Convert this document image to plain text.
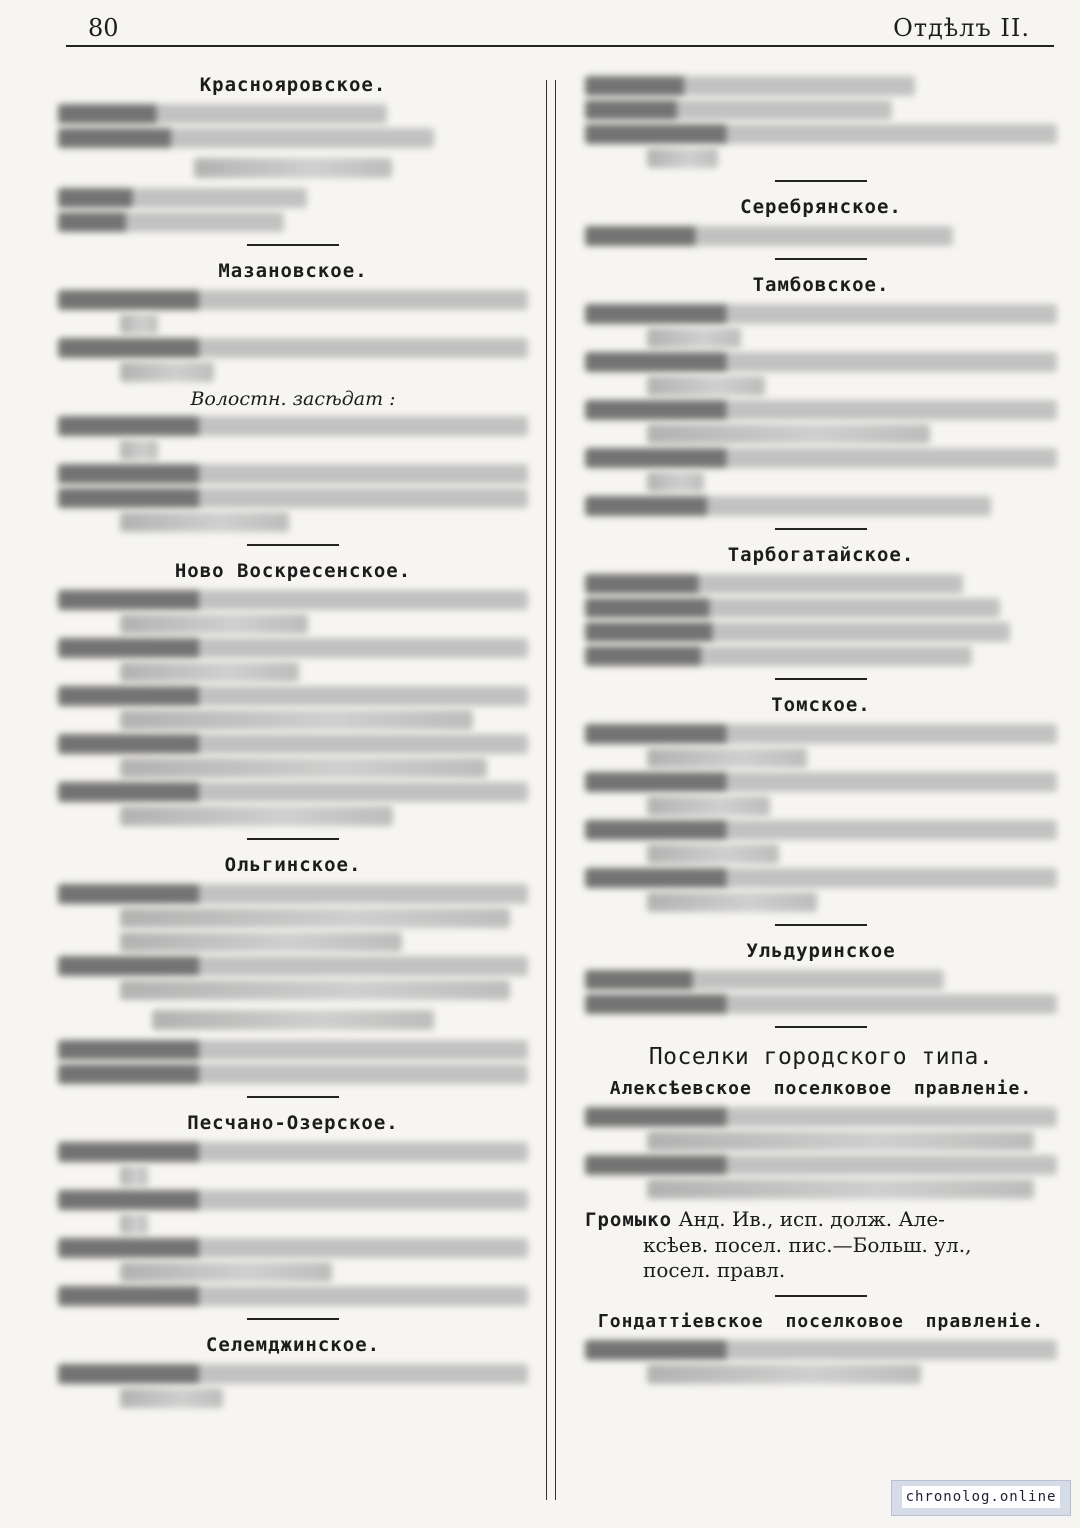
80	Отдѣлъ II.
Краснояровское.
Мазановское.
Волостн. засѣдат :
Ново Воскресенское.
Ольгинское.
Песчано-Озерское.
Селемджинское.
Серебрянское.
Тамбовское.
Тарбогатайское.
Томское.
Ульдуринское
Поселки городского типа.
Алексѣевское поселковое правленіе.
Громыко Анд. Ив., исп. долж. Але-
ксѣев. посел. пис.—Больш. ул.,
посел. правл.
Гондаттіевское поселковое правленіе.
chronolog.online
